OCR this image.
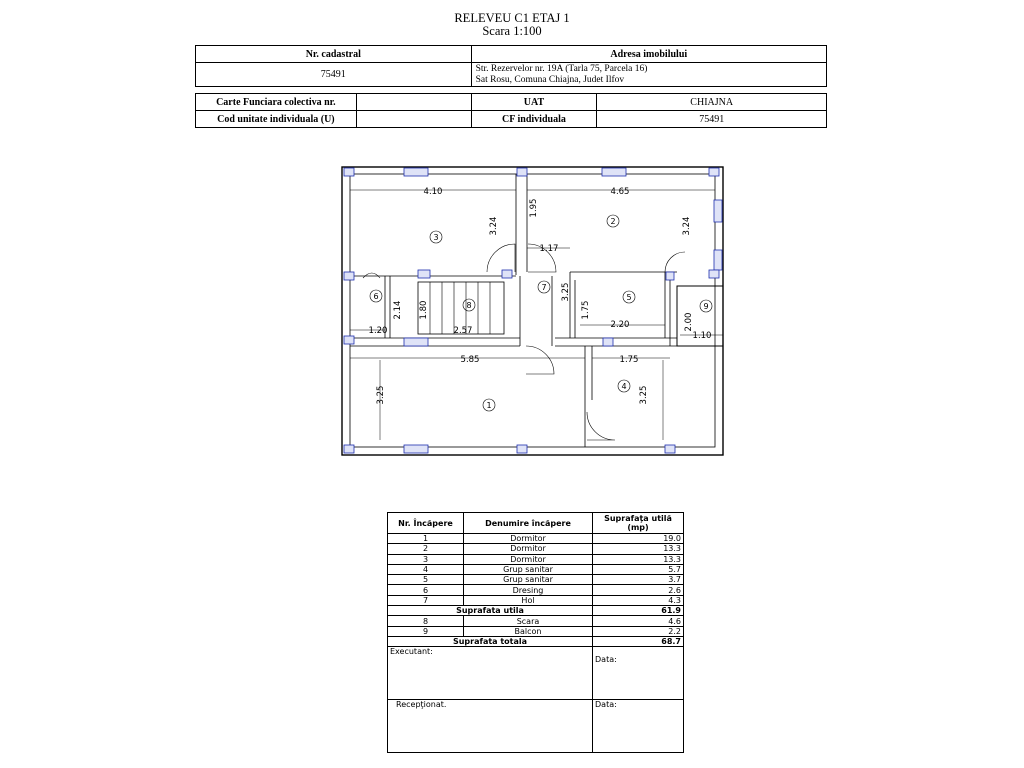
RELEVEU C1 ETAJ 1
Scara 1:100
Nr. cadastral	Adresa imobilului
75491	Str. Rezervelor nr. 19A (Tarla 75, Parcela 16)
Sat Rosu, Comuna Chiajna, Judet Ilfov
Carte Funciara colectiva nr.		UAT	CHIAJNA
Cod unitate individuala (U)		CF individuala	75491
4.10	4.65
1.95
3.24	3.24
1.17
1.80
2.14
2.57
1.20
3.25
1.75
2.20	2.00
1.10
5.85	1.75
3.25	3.25
1
2
3
4
5
6
7
8	9
Nr. Încăpere	Denumire încăpere	Suprafaţa utilă (mp)
1	Dormitor	19.0
2	Dormitor	13.3
3	Dormitor	13.3
4	Grup sanitar	5.7
5	Grup sanitar	3.7
6	Dresing	2.6
7	Hol	4.3
Suprafata utila		61.9
8	Scara	4.6
9	Balcon	2.2
Suprafata totala		68.7
Executant:		Data:
Recepţionat.		Data:
